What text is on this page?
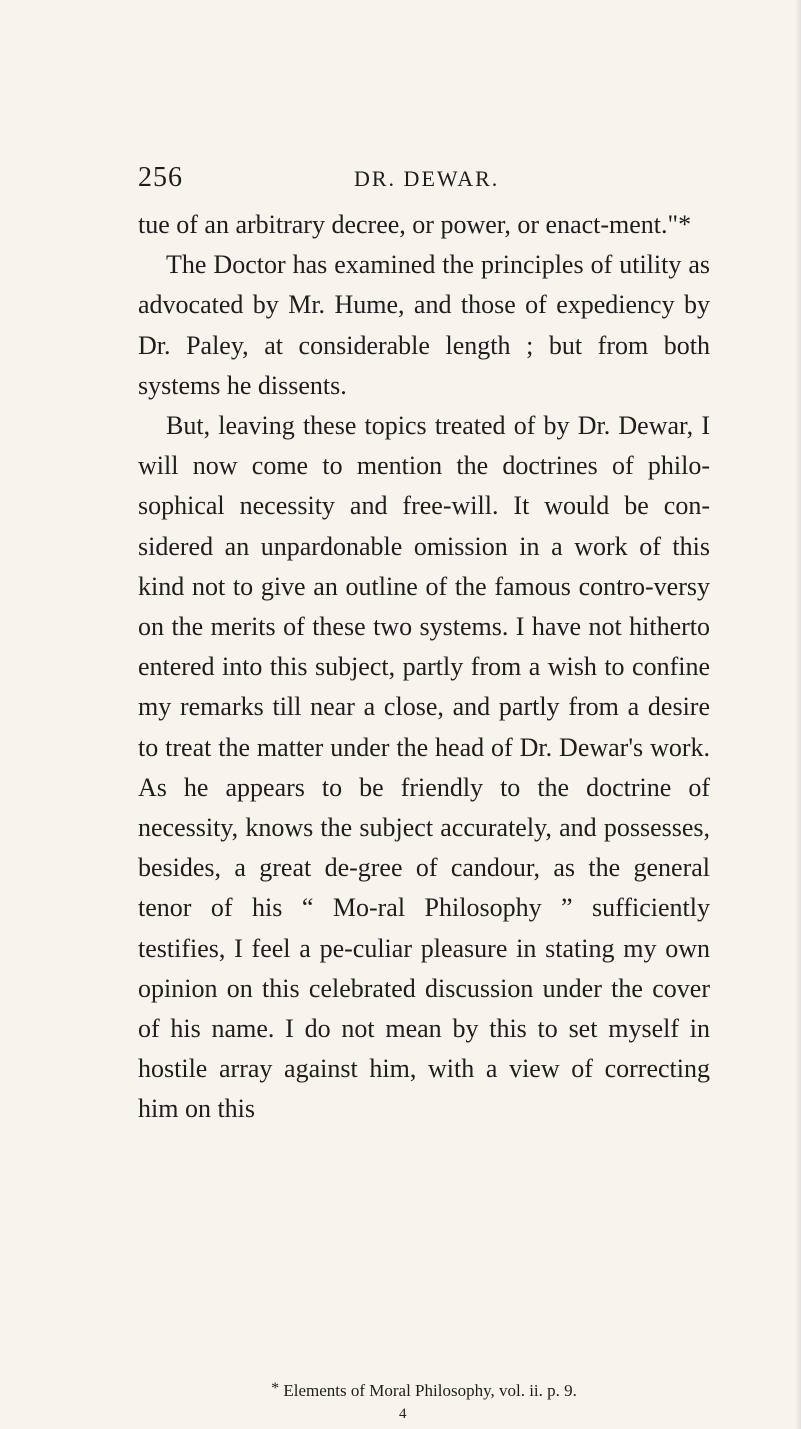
256	DR. DEWAR.

tue of an arbitrary decree, or power, or enact-ment."*

The Doctor has examined the principles of utility as advocated by Mr. Hume, and those of expediency by Dr. Paley, at considerable length ; but from both systems he dissents.

But, leaving these topics treated of by Dr. Dewar, I will now come to mention the doctrines of philo-sophical necessity and free-will. It would be con-sidered an unpardonable omission in a work of this kind not to give an outline of the famous contro-versy on the merits of these two systems. I have not hitherto entered into this subject, partly from a wish to confine my remarks till near a close, and partly from a desire to treat the matter under the head of Dr. Dewar's work. As he appears to be friendly to the doctrine of necessity, knows the subject accurately, and possesses, besides, a great de-gree of candour, as the general tenor of his “ Mo-ral Philosophy ” sufficiently testifies, I feel a pe-culiar pleasure in stating my own opinion on this celebrated discussion under the cover of his name. I do not mean by this to set myself in hostile array against him, with a view of correcting him on this

* Elements of Moral Philosophy, vol. ii. p. 9.
4
